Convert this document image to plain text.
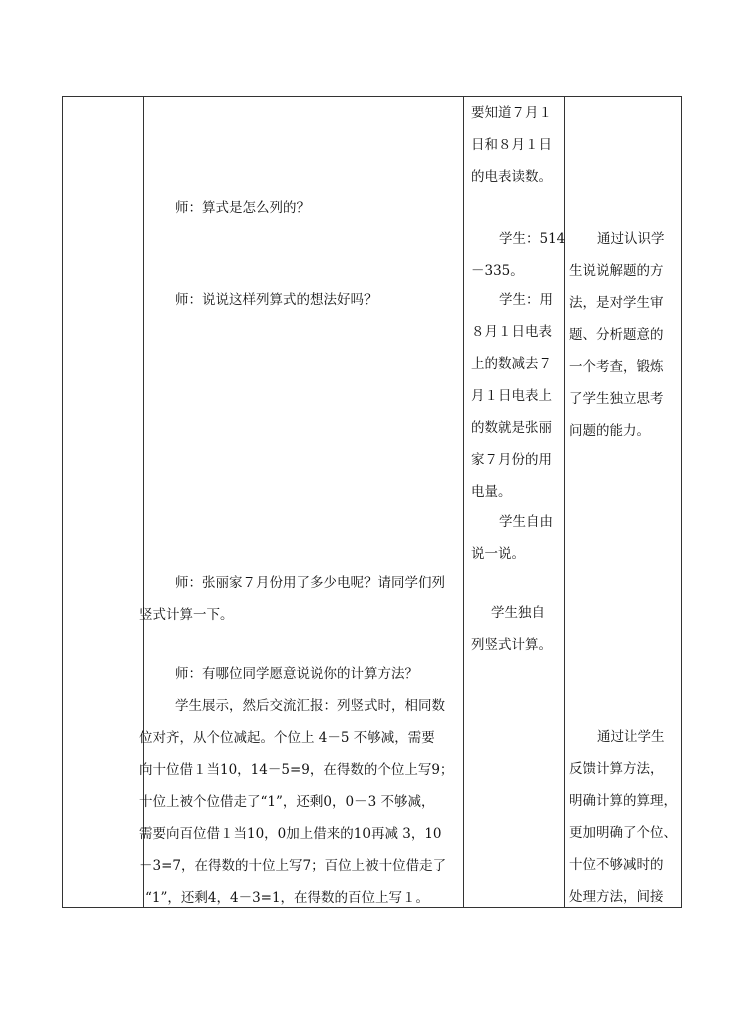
师：算式是怎么列的？
师：说说这样列算式的想法好吗？
师：张丽家７月份用了多少电呢？请同学们列
竖式计算一下。
师：有哪位同学愿意说说你的计算方法？
学生展示，然后交流汇报：列竖式时，相同数
位对齐，从个位减起。个位上 4－5 不够减，需要
向十位借１当10，14－5=9，在得数的个位上写9；
十位上被个位借走了“1”，还剩0，0－3 不够减，
需要向百位借１当10，0加上借来的10再减 3，10
－3=7，在得数的十位上写7；百位上被十位借走了
“1”，还剩4，4－3=1，在得数的百位上写１。
要知道７月１
日和８月１日
的电表读数。
学生：514
－335。
学生：用
８月１日电表
上的数减去７
月１日电表上
的数就是张丽
家７月份的用
电量。
学生自由
说一说。
学生独自
列竖式计算。
通过认识学
生说说解题的方
法，是对学生审
题、分析题意的
一个考查，锻炼
了学生独立思考
问题的能力。
通过让学生
反馈计算方法，
明确计算的算理，
更加明确了个位、
十位不够减时的
处理方法，间接
